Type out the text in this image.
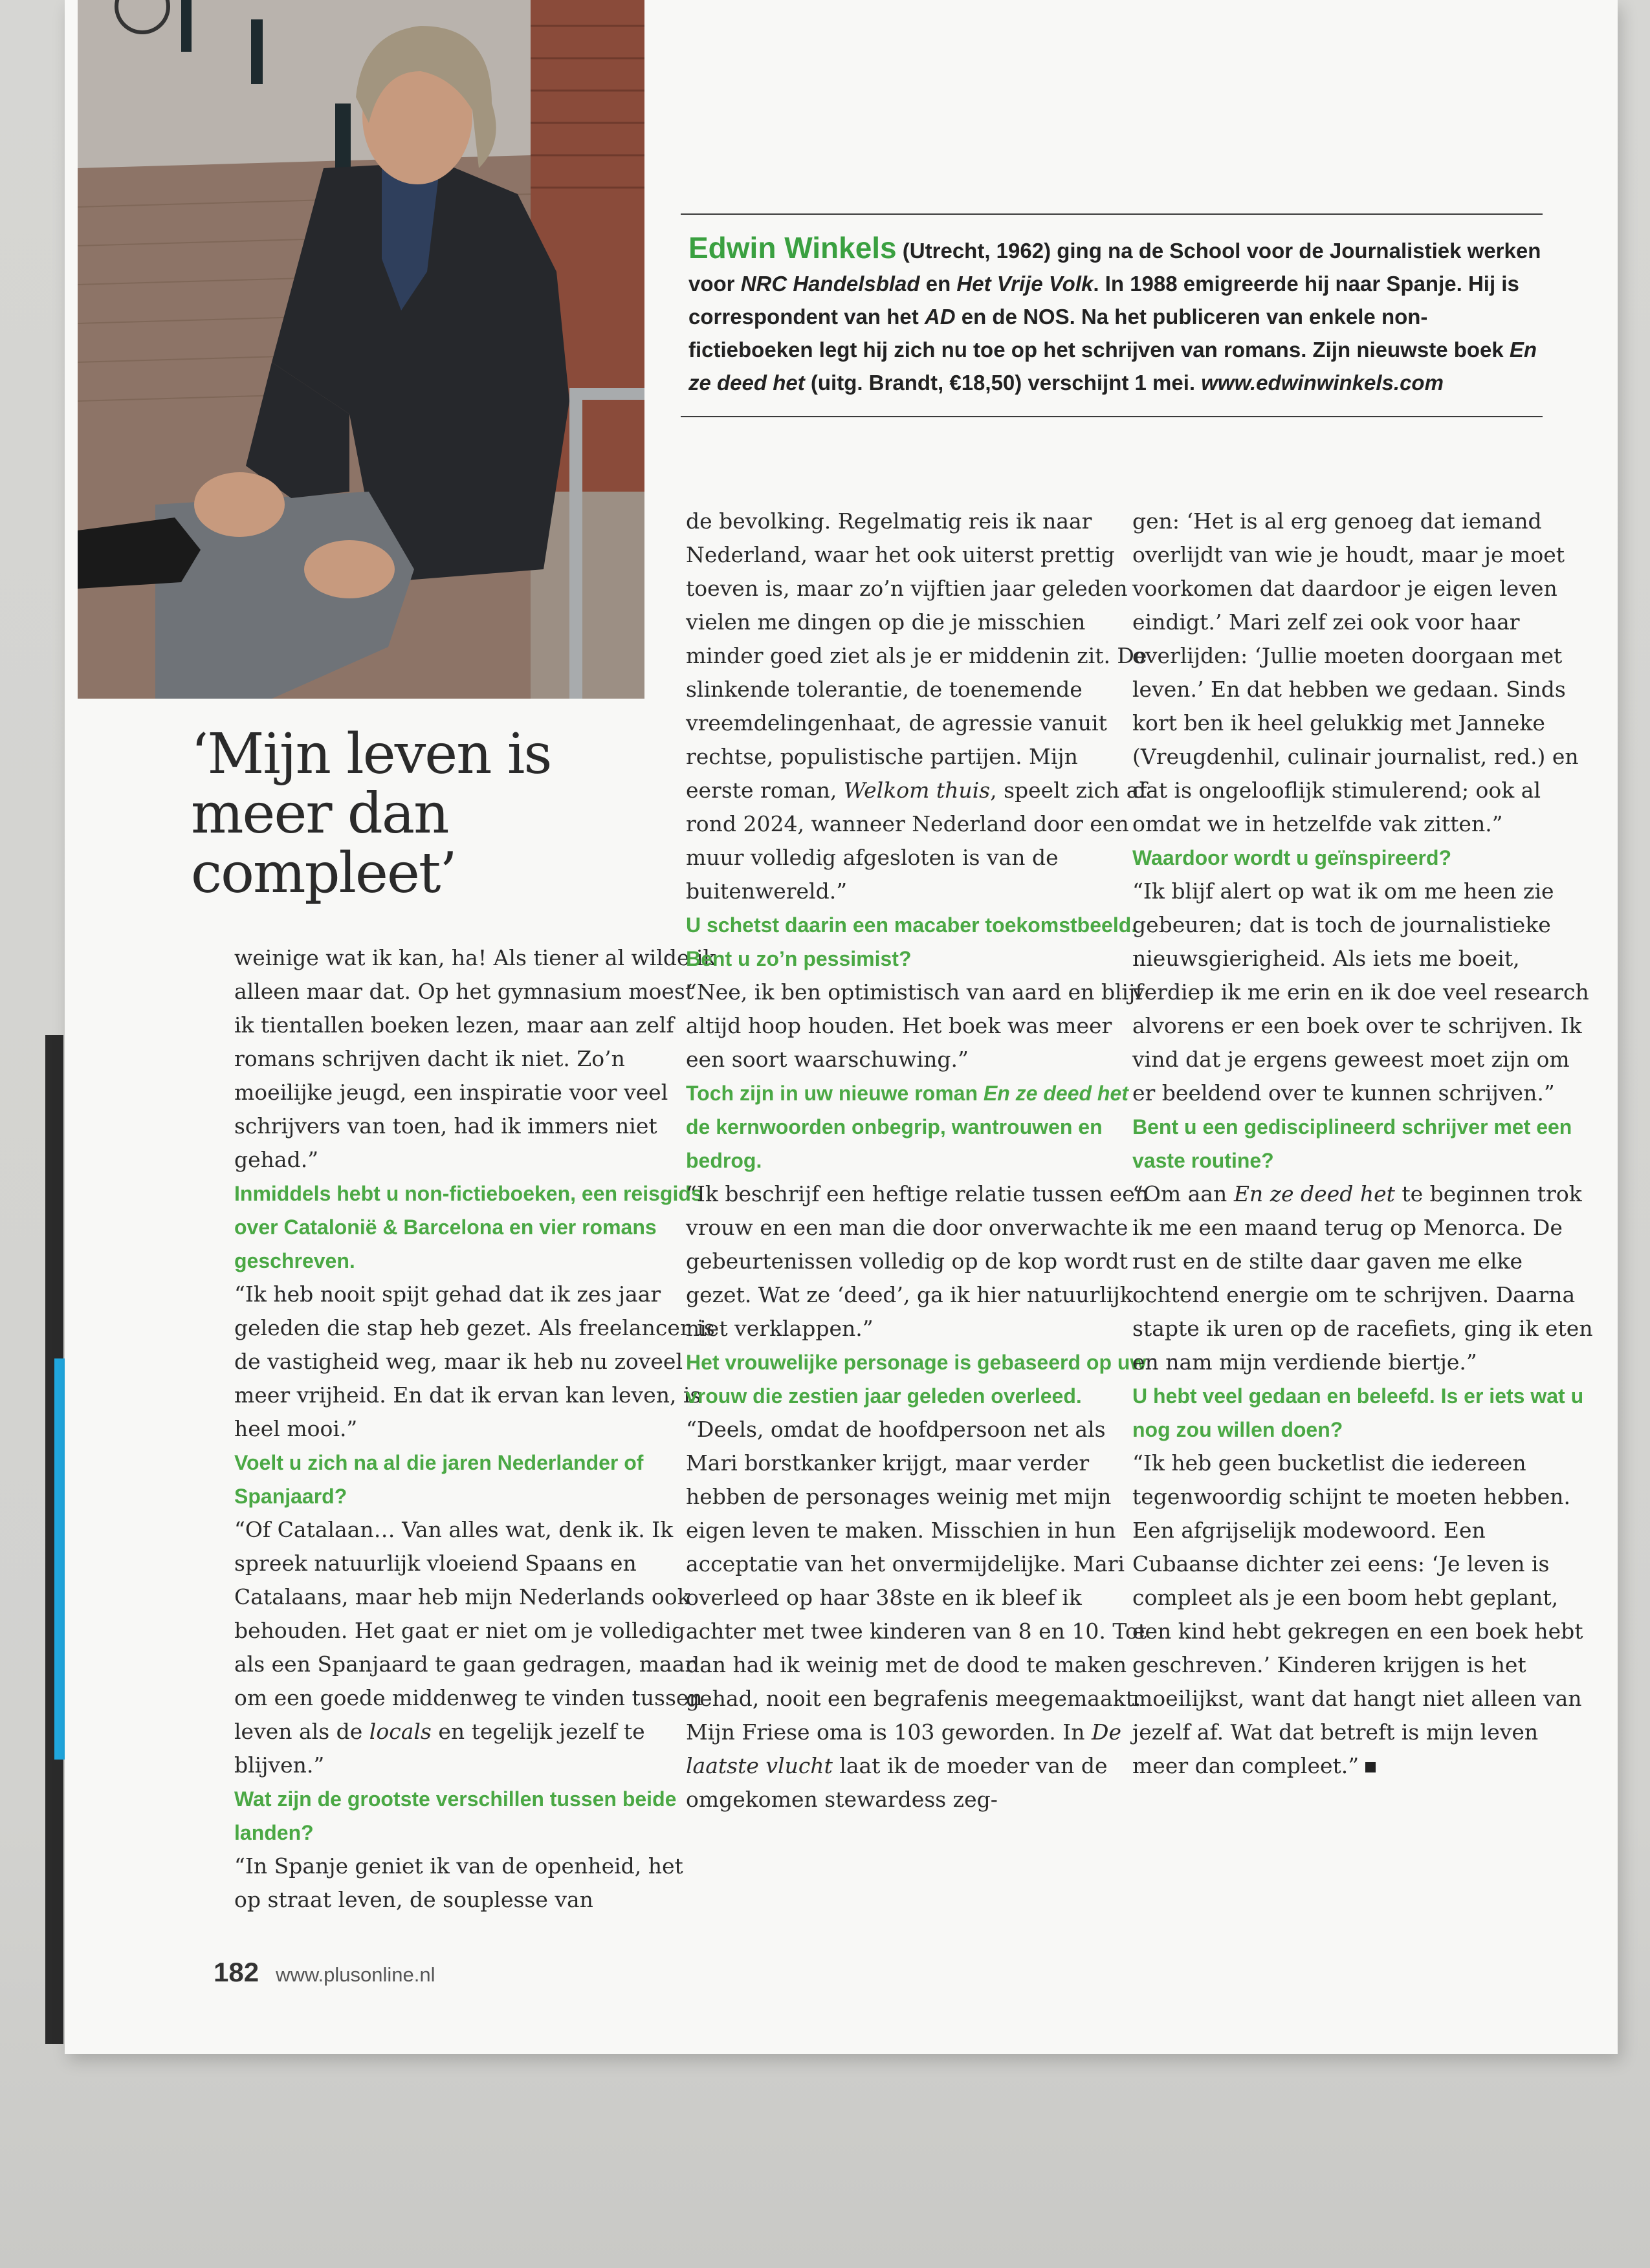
Edwin Winkels (Utrecht, 1962) ging na de School voor de Journalistiek werken voor NRC Handelsblad en Het Vrije Volk. In 1988 emigreerde hij naar Spanje. Hij is correspondent van het AD en de NOS. Na het publiceren van enkele non-fictieboeken legt hij zich nu toe op het schrijven van romans. Zijn nieuwste boek En ze deed het (uitg. Brandt, €18,50) verschijnt 1 mei. www.edwinwinkels.com
‘Mijn leven is meer dan compleet’

weinige wat ik kan, ha! Als tiener al wilde ik alleen maar dat. Op het gymnasium moest ik tientallen boeken lezen, maar aan zelf romans schrijven dacht ik niet. Zo’n moeilijke jeugd, een inspiratie voor veel schrijvers van toen, had ik immers niet gehad.”

Inmiddels hebt u non-fictieboeken, een reisgids over Catalonië & Barcelona en vier romans geschreven.

“Ik heb nooit spijt gehad dat ik zes jaar geleden die stap heb gezet. Als freelancer is de vastigheid weg, maar ik heb nu zoveel meer vrijheid. En dat ik ervan kan leven, is heel mooi.”

Voelt u zich na al die jaren Nederlander of Spanjaard?

“Of Catalaan… Van alles wat, denk ik. Ik spreek natuurlijk vloeiend Spaans en Catalaans, maar heb mijn Nederlands ook behouden. Het gaat er niet om je volledig als een Spanjaard te gaan gedragen, maar om een goede middenweg te vinden tussen leven als de locals en tegelijk jezelf te blijven.”

Wat zijn de grootste verschillen tussen beide landen?

“In Spanje geniet ik van de openheid, het op straat leven, de souplesse van

de bevolking. Regelmatig reis ik naar Nederland, waar het ook uiterst prettig toeven is, maar zo’n vijftien jaar geleden vielen me dingen op die je misschien minder goed ziet als je er middenin zit. De slinkende tolerantie, de toenemende vreemdelingenhaat, de agressie vanuit rechtse, populistische partijen. Mijn eerste roman, Welkom thuis, speelt zich af rond 2024, wanneer Nederland door een muur volledig afgesloten is van de buitenwereld.”

U schetst daarin een macaber toekomstbeeld. Bent u zo’n pessimist?

“Nee, ik ben optimistisch van aard en blijf altijd hoop houden. Het boek was meer een soort waarschuwing.”

Toch zijn in uw nieuwe roman En ze deed het de kernwoorden onbegrip, wantrouwen en bedrog.

“Ik beschrijf een heftige relatie tussen een vrouw en een man die door onverwachte gebeurtenissen volledig op de kop wordt gezet. Wat ze ‘deed’, ga ik hier natuurlijk niet verklappen.”

Het vrouwelijke personage is gebaseerd op uw vrouw die zestien jaar geleden overleed.

“Deels, omdat de hoofdpersoon net als Mari borstkanker krijgt, maar verder hebben de personages weinig met mijn eigen leven te maken. Misschien in hun acceptatie van het onvermijdelijke. Mari overleed op haar 38ste en ik bleef ik achter met twee kinderen van 8 en 10. Tot dan had ik weinig met de dood te maken gehad, nooit een begrafenis meegemaakt. Mijn Friese oma is 103 geworden. In De laatste vlucht laat ik de moeder van de omgekomen stewardess zeg-

gen: ‘Het is al erg genoeg dat iemand overlijdt van wie je houdt, maar je moet voorkomen dat daardoor je eigen leven eindigt.’ Mari zelf zei ook voor haar overlijden: ‘Jullie moeten doorgaan met leven.’ En dat hebben we gedaan. Sinds kort ben ik heel gelukkig met Janneke (Vreugdenhil, culinair journalist, red.) en dat is ongelooflijk stimulerend; ook al omdat we in hetzelfde vak zitten.”

Waardoor wordt u geïnspireerd?

“Ik blijf alert op wat ik om me heen zie gebeuren; dat is toch de journalistieke nieuwsgierigheid. Als iets me boeit, verdiep ik me erin en ik doe veel research alvorens er een boek over te schrijven. Ik vind dat je ergens geweest moet zijn om er beeldend over te kunnen schrijven.”

Bent u een gedisciplineerd schrijver met een vaste routine?

“Om aan En ze deed het te beginnen trok ik me een maand terug op Menorca. De rust en de stilte daar gaven me elke ochtend energie om te schrijven. Daarna stapte ik uren op de racefiets, ging ik eten en nam mijn verdiende biertje.”

U hebt veel gedaan en beleefd. Is er iets wat u nog zou willen doen?

“Ik heb geen bucketlist die iedereen tegenwoordig schijnt te moeten hebben. Een afgrijselijk modewoord. Een Cubaanse dichter zei eens: ‘Je leven is compleet als je een boom hebt geplant, een kind hebt gekregen en een boek hebt geschreven.’ Kinderen krijgen is het moeilijkst, want dat hangt niet alleen van jezelf af. Wat dat betreft is mijn leven meer dan compleet.”

182 www.plusonline.nl
